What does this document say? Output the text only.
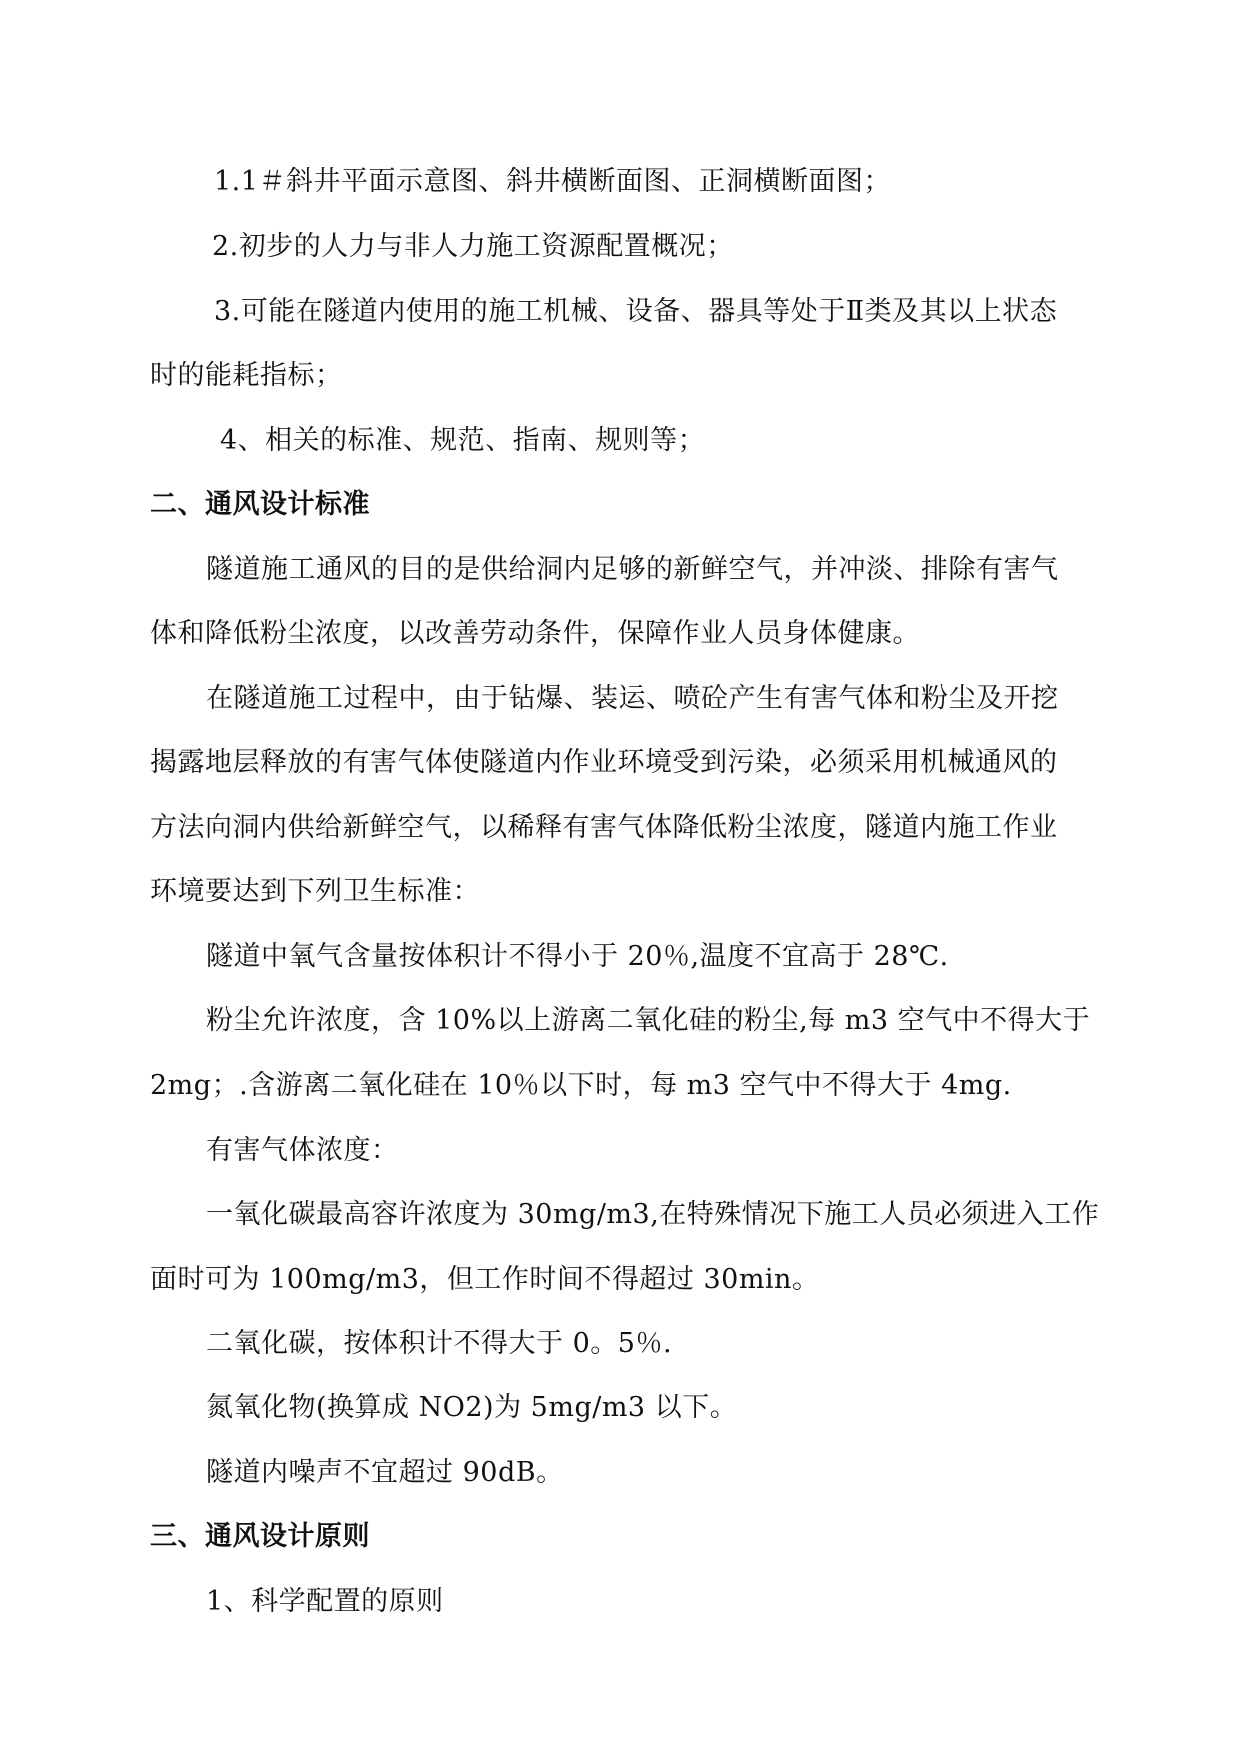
1.1＃斜井平面示意图、斜井横断面图、正洞横断面图；
2.初步的人力与非人力施工资源配置概况；
3.可能在隧道内使用的施工机械、设备、器具等处于Ⅱ类及其以上状态
时的能耗指标；
4、相关的标准、规范、指南、规则等；
二、通风设计标准
隧道施工通风的目的是供给洞内足够的新鲜空气，并冲淡、排除有害气
体和降低粉尘浓度，以改善劳动条件，保障作业人员身体健康。
在隧道施工过程中，由于钻爆、装运、喷砼产生有害气体和粉尘及开挖
揭露地层释放的有害气体使隧道内作业环境受到污染，必须采用机械通风的
方法向洞内供给新鲜空气，以稀释有害气体降低粉尘浓度，隧道内施工作业
环境要达到下列卫生标准：
隧道中氧气含量按体积计不得小于 20％,温度不宜高于 28℃.
粉尘允许浓度，含 10%以上游离二氧化硅的粉尘,每 m3 空气中不得大于
2mg；.含游离二氧化硅在 10％以下时，每 m3 空气中不得大于 4mg.
有害气体浓度：
一氧化碳最高容许浓度为 30mg/m3,在特殊情况下施工人员必须进入工作
面时可为 100mg/m3，但工作时间不得超过 30min。
二氧化碳，按体积计不得大于 0。5％.
氮氧化物(换算成 NO2)为 5mg/m3 以下。
隧道内噪声不宜超过 90dB。
三、通风设计原则
1、科学配置的原则
